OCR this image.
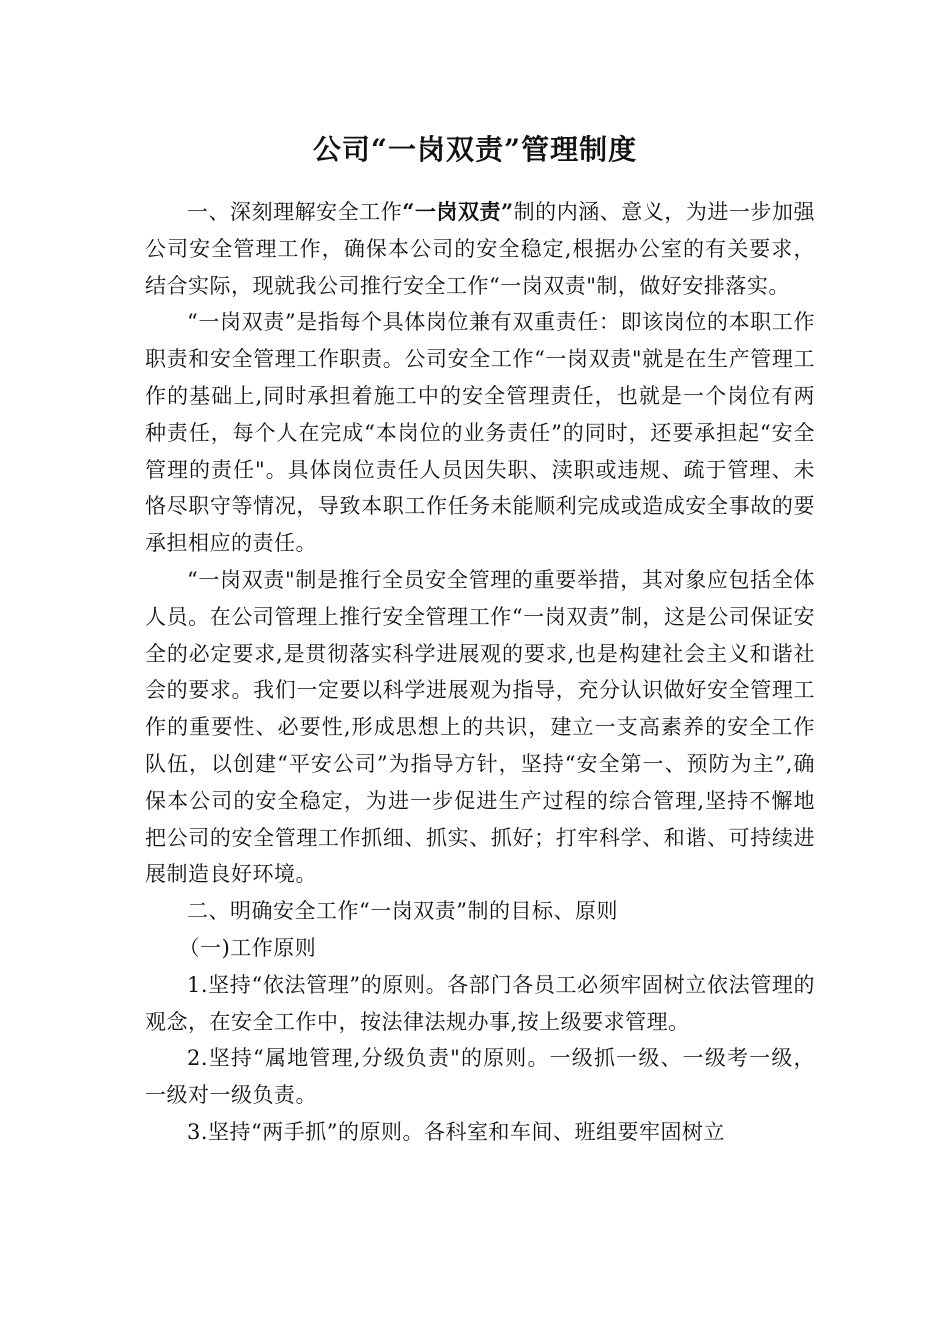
公司“一岗双责”管理制度

一、深刻理解安全工作“一岗双责”制的内涵、意义，为进一步加强公司安全管理工作，确保本公司的安全稳定,根据办公室的有关要求，结合实际，现就我公司推行安全工作“一岗双责"制，做好安排落实。

“一岗双责”是指每个具体岗位兼有双重责任：即该岗位的本职工作职责和安全管理工作职责。公司安全工作“一岗双责"就是在生产管理工作的基础上,同时承担着施工中的安全管理责任，也就是一个岗位有两种责任，每个人在完成“本岗位的业务责任”的同时，还要承担起“安全管理的责任"。具体岗位责任人员因失职、渎职或违规、疏于管理、未恪尽职守等情况，导致本职工作任务未能顺利完成或造成安全事故的要承担相应的责任。

“一岗双责"制是推行全员安全管理的重要举措，其对象应包括全体人员。在公司管理上推行安全管理工作“一岗双责”制，这是公司保证安全的必定要求,是贯彻落实科学进展观的要求,也是构建社会主义和谐社会的要求。我们一定要以科学进展观为指导，充分认识做好安全管理工作的重要性、必要性,形成思想上的共识，建立一支高素养的安全工作队伍，以创建“平安公司”为指导方针，坚持“安全第一、预防为主”,确保本公司的安全稳定，为进一步促进生产过程的综合管理,坚持不懈地把公司的安全管理工作抓细、抓实、抓好；打牢科学、和谐、可持续进展制造良好环境。

二、明确安全工作“一岗双责”制的目标、原则

（一)工作原则

1.坚持“依法管理”的原则。各部门各员工必须牢固树立依法管理的观念，在安全工作中，按法律法规办事,按上级要求管理。

2.坚持“属地管理,分级负责"的原则。一级抓一级、一级考一级，一级对一级负责。

3.坚持“两手抓”的原则。各科室和车间、班组要牢固树立
